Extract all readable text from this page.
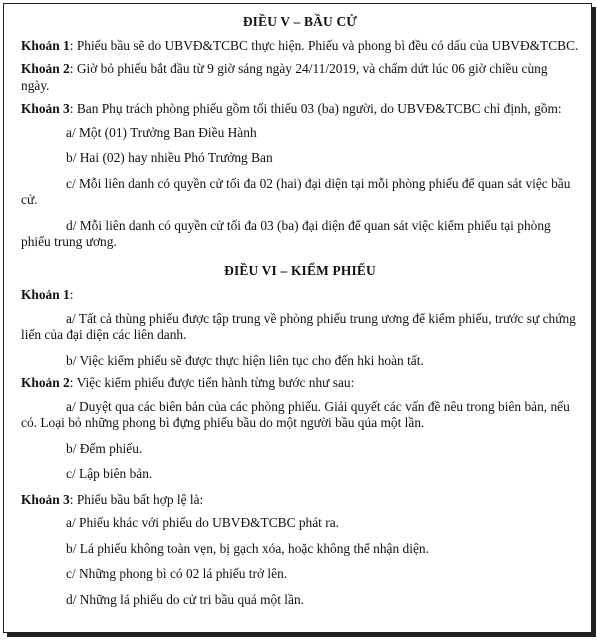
ĐIỀU V – BẦU CỬ

Khoản 1: Phiếu bầu sẽ do UBVĐ&TCBC thực hiện. Phiếu và phong bì đều có dấu của UBVĐ&TCBC.

Khoản 2: Giờ bỏ phiếu bắt đầu từ 9 giờ sáng ngày 24/11/2019, và chấm dứt lúc 06 giờ chiều cùng ngày.

Khoản 3: Ban Phụ trách phòng phiếu gồm tối thiểu 03 (ba) người, do UBVĐ&TCBC chỉ định, gồm:

a/ Một (01) Trưởng Ban Điều Hành

b/ Hai (02) hay nhiều Phó Trưởng Ban

c/ Mỗi liên danh có quyền cử tối đa 02 (hai) đại diện tại mỗi phòng phiếu để quan sát việc bầu cử.

d/ Mỗi liên danh có quyền cử tối đa 03 (ba) đại diện để quan sát việc kiểm phiếu tại phòng phiếu trung ương.

ĐIỀU VI – KIỂM PHIẾU

Khoản 1:

a/ Tất cả thùng phiếu được tập trung về phòng phiếu trung ương để kiểm phiếu, trước sự chứng liến của đại diện các liên danh.

b/ Việc kiểm phiếu sẽ được thực hiện liên tục cho đến hki hoàn tất.

Khoản 2: Việc kiểm phiếu được tiến hành từng bước như sau:

a/ Duyệt qua các biên bản của các phòng phiếu. Giải quyết các vấn đề nêu trong biên bản, nếu có. Loại bỏ những phong bì đựng phiếu bầu do một người bầu qúa một lần.

b/ Đếm phiếu.

c/ Lập biên bản.

Khoản 3: Phiếu bầu bất hợp lệ là:

a/ Phiếu khác với phiếu do UBVĐ&TCBC phát ra.

b/ Lá phiếu không toàn vẹn, bị gạch xóa, hoặc không thể nhận diện.

c/ Những phong bì có 02 lá phiếu trở lên.

d/ Những lá phiếu do cử tri bầu quá một lần.
